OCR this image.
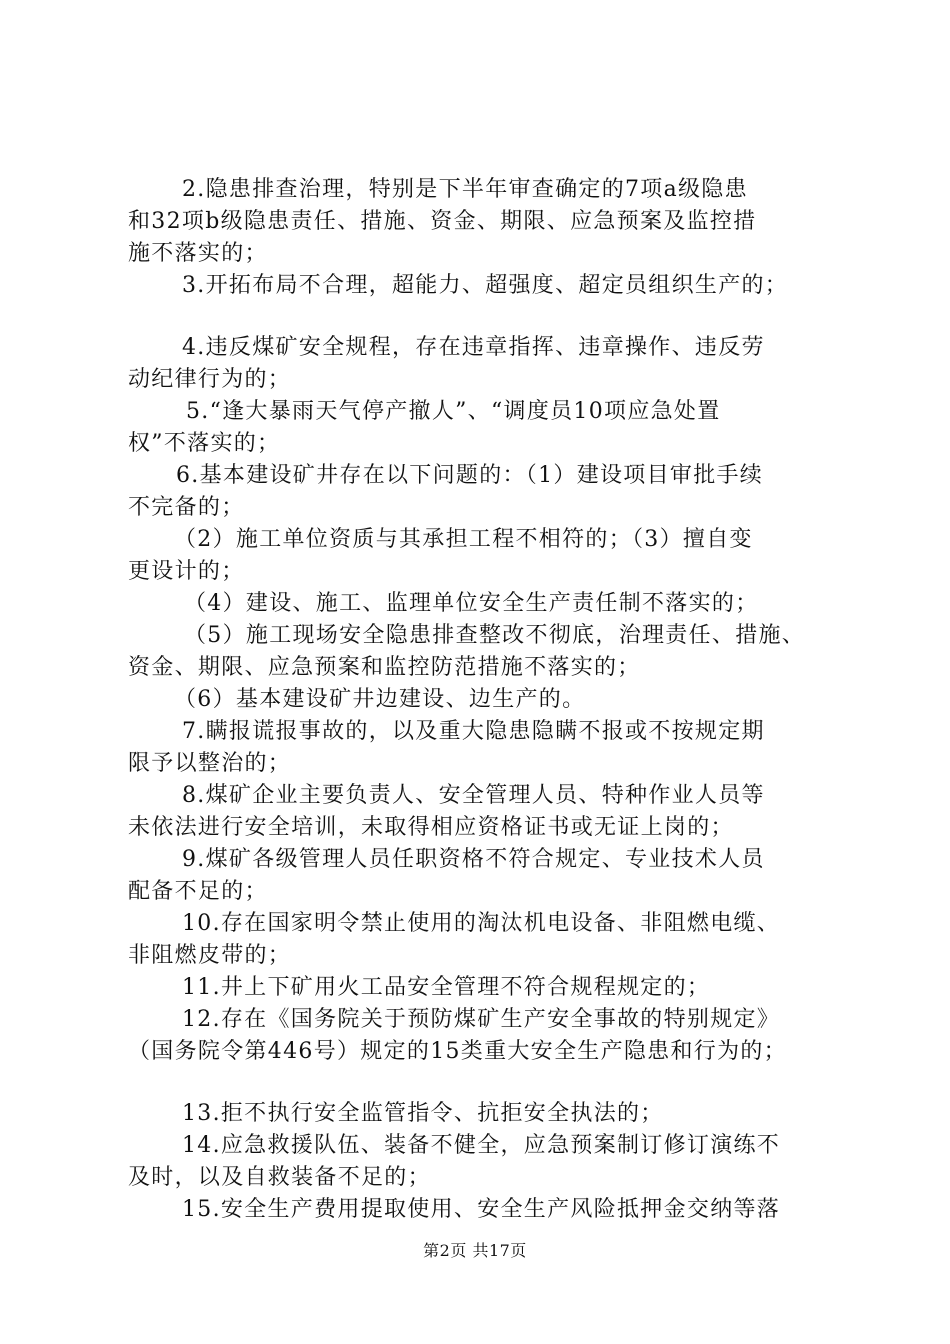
2.隐患排查治理，特别是下半年审查确定的7项a级隐患
和32项b级隐患责任、措施、资金、期限、应急预案及监控措
施不落实的；
3.开拓布局不合理，超能力、超强度、超定员组织生产的；
4.违反煤矿安全规程，存在违章指挥、违章操作、违反劳
动纪律行为的；
5.“逢大暴雨天气停产撤人”、“调度员10项应急处置
权”不落实的；
6.基本建设矿井存在以下问题的：（1）建设项目审批手续
不完备的；
（2）施工单位资质与其承担工程不相符的；（3）擅自变
更设计的；
（4）建设、施工、监理单位安全生产责任制不落实的；
（5）施工现场安全隐患排查整改不彻底，治理责任、措施、
资金、期限、应急预案和监控防范措施不落实的；
（6）基本建设矿井边建设、边生产的。
7.瞒报谎报事故的，以及重大隐患隐瞒不报或不按规定期
限予以整治的；
8.煤矿企业主要负责人、安全管理人员、特种作业人员等
未依法进行安全培训，未取得相应资格证书或无证上岗的；
9.煤矿各级管理人员任职资格不符合规定、专业技术人员
配备不足的；
10.存在国家明令禁止使用的淘汰机电设备、非阻燃电缆、
非阻燃皮带的；
11.井上下矿用火工品安全管理不符合规程规定的；
12.存在《国务院关于预防煤矿生产安全事故的特别规定》
（国务院令第446号）规定的15类重大安全生产隐患和行为的；
13.拒不执行安全监管指令、抗拒安全执法的；
14.应急救援队伍、装备不健全，应急预案制订修订演练不
及时，以及自救装备不足的；
15.安全生产费用提取使用、安全生产风险抵押金交纳等落
第2页 共17页
